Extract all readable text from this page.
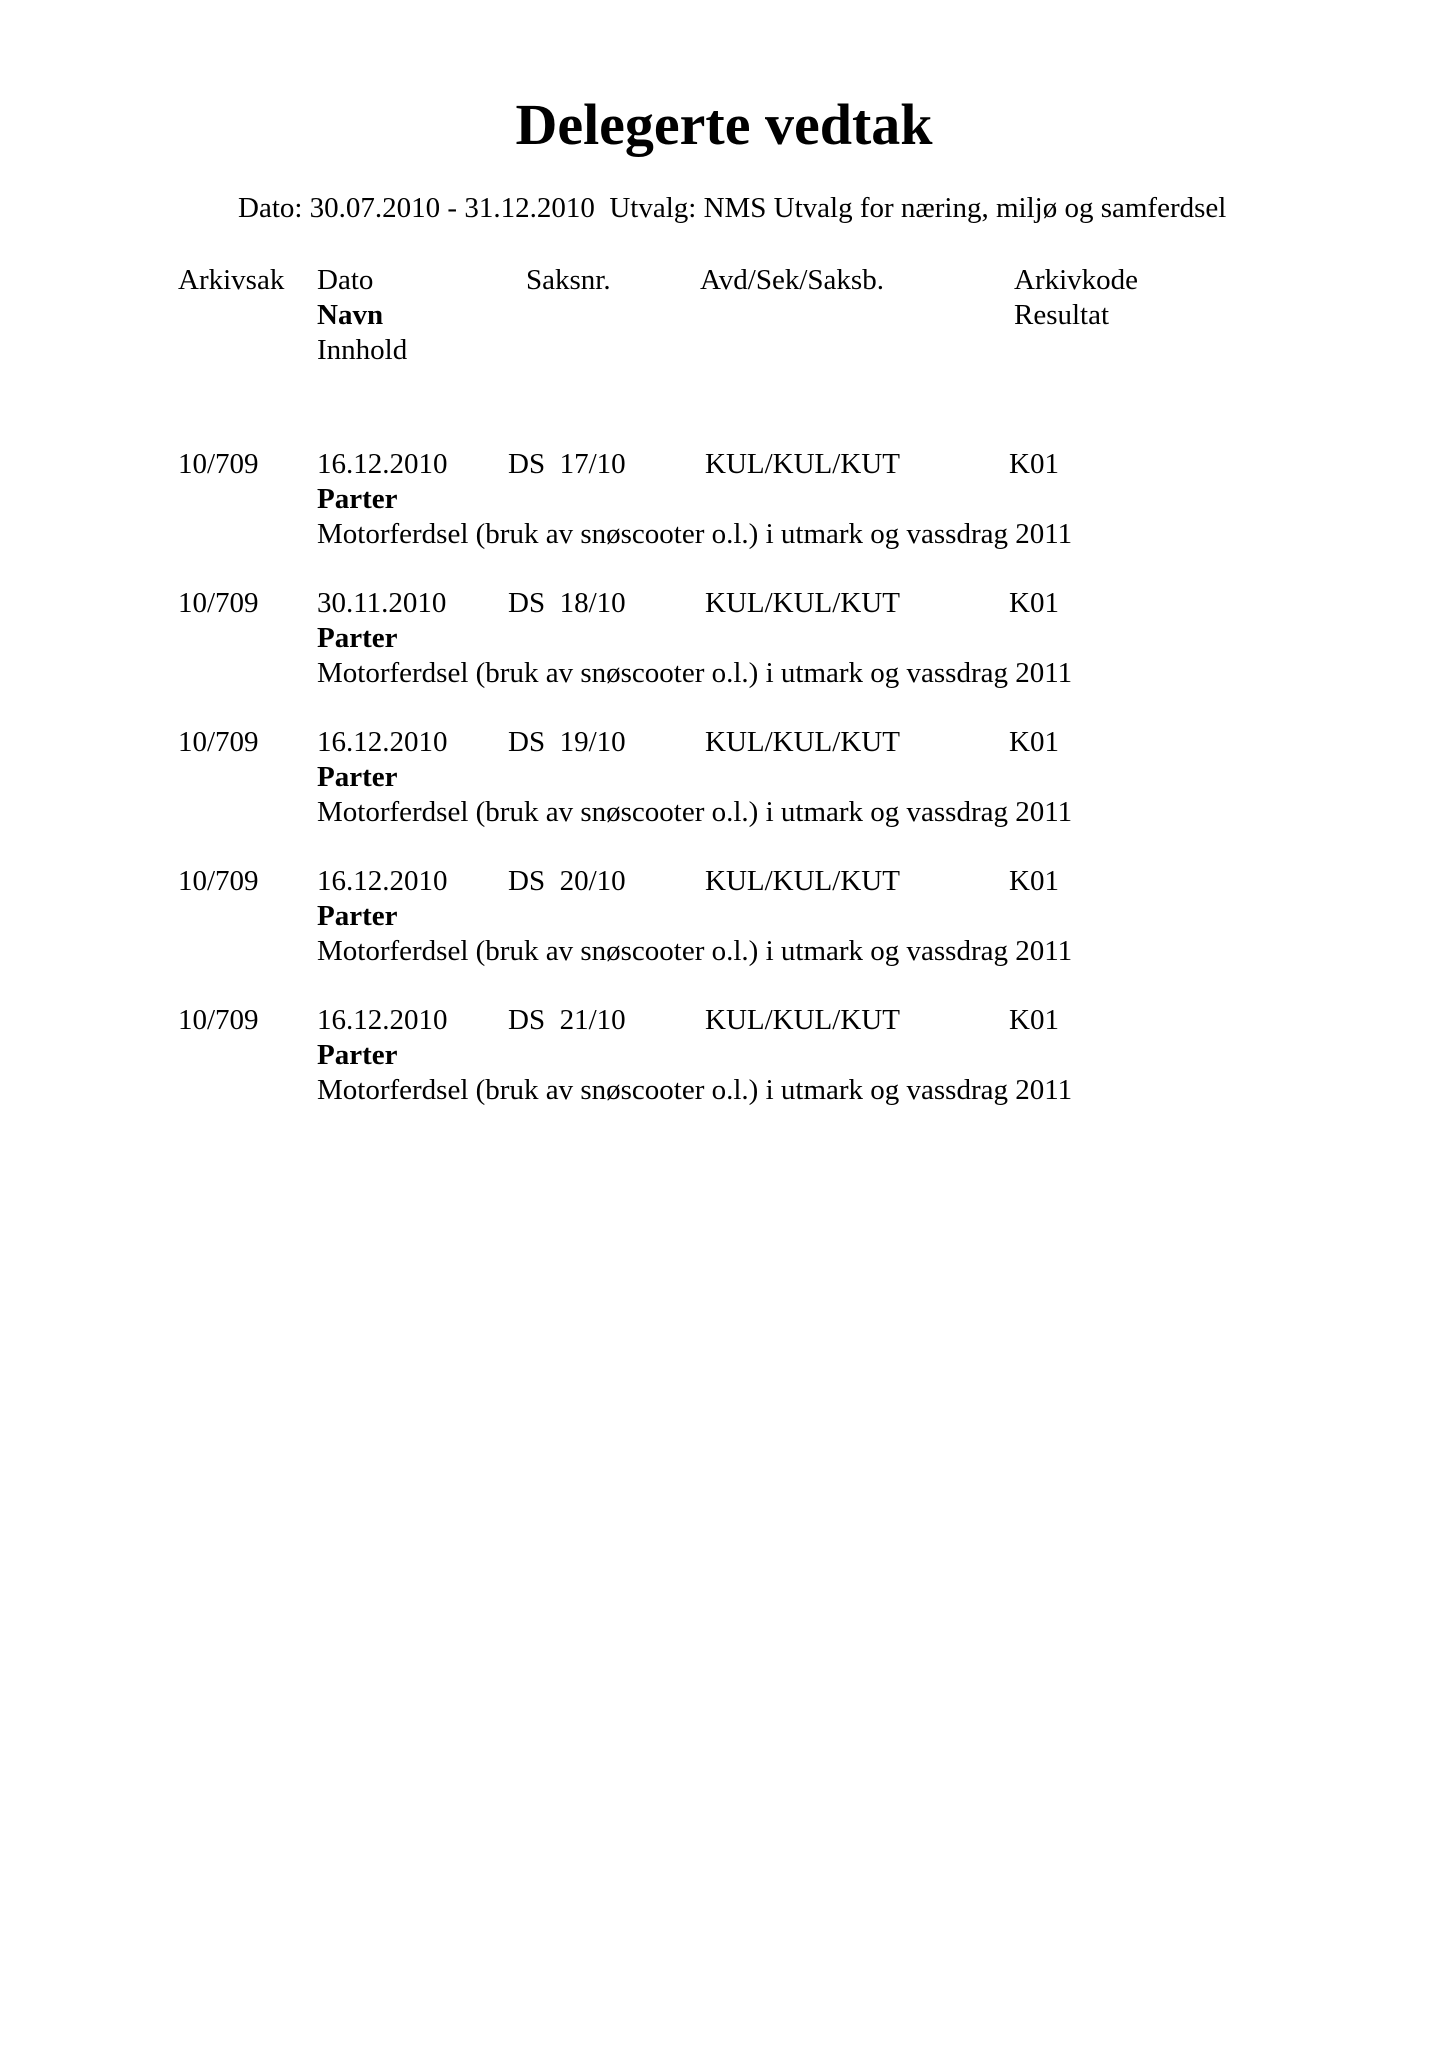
Delegerte vedtak
Dato: 30.07.2010 - 31.12.2010  Utvalg: NMS Utvalg for næring, miljø og samferdsel
Arkivsak Dato	Saksnr.	Avd/Sek/Saksb.	Arkivkode
Navn	Resultat
Innhold
10/709 16.12.2010 DS  17/10	KUL/KUL/KUT	K01
Parter
Motorferdsel (bruk av snøscooter o.l.) i utmark og vassdrag 2011
10/709 30.11.2010 DS  18/10	KUL/KUL/KUT	K01
Parter
Motorferdsel (bruk av snøscooter o.l.) i utmark og vassdrag 2011
10/709 16.12.2010 DS  19/10	KUL/KUL/KUT	K01
Parter
Motorferdsel (bruk av snøscooter o.l.) i utmark og vassdrag 2011
10/709 16.12.2010 DS  20/10	KUL/KUL/KUT	K01
Parter
Motorferdsel (bruk av snøscooter o.l.) i utmark og vassdrag 2011
10/709 16.12.2010 DS  21/10	KUL/KUL/KUT	K01
Parter
Motorferdsel (bruk av snøscooter o.l.) i utmark og vassdrag 2011
